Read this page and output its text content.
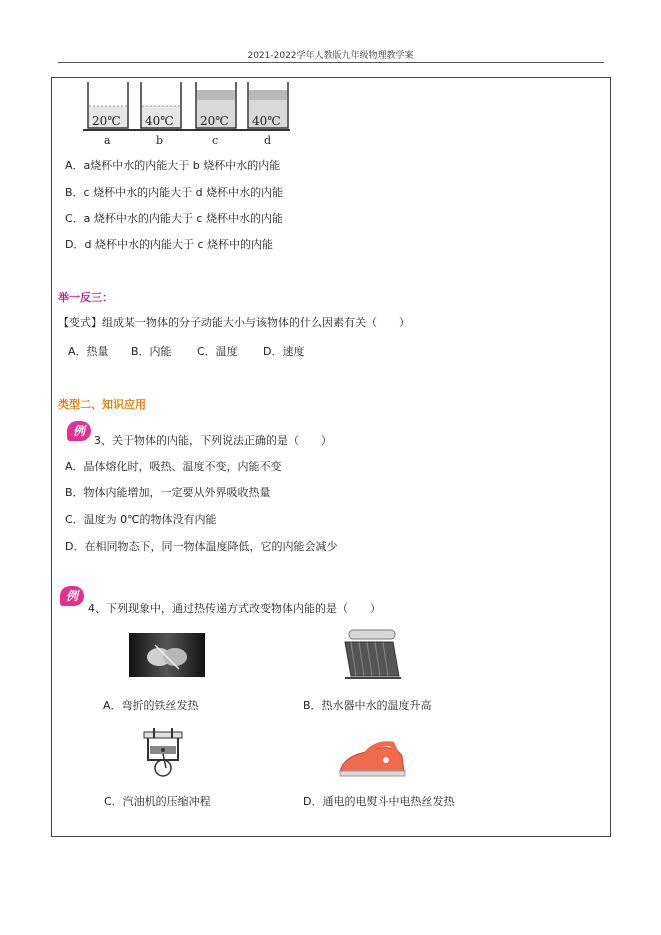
2021-2022学年人教版九年级物理教学案
20℃ 40℃ 20℃ 40℃
a	b	c	d
A．a烧杯中水的内能大于 b 烧杯中水的内能
B．c 烧杯中水的内能大于 d 烧杯中水的内能
C．a 烧杯中水的内能大于 c 烧杯中水的内能
D．d 烧杯中水的内能大于 c 烧杯中的内能
举一反三：
【变式】组成某一物体的分子动能大小与该物体的什么因素有关（　　）
A．热量 B．内能 C．温度 D．速度
类型二、知识应用
例
3、关于物体的内能，下列说法正确的是（　　）
A．晶体熔化时，吸热、温度不变，内能不变
B．物体内能增加，一定要从外界吸收热量
C．温度为 0℃的物体没有内能
D．在相同物态下，同一物体温度降低，它的内能会减少
例
4、下列现象中，通过热传递方式改变物体内能的是（　　）
A．弯折的铁丝发热	B．热水器中水的温度升高
C．汽油机的压缩冲程	D．通电的电熨斗中电热丝发热
